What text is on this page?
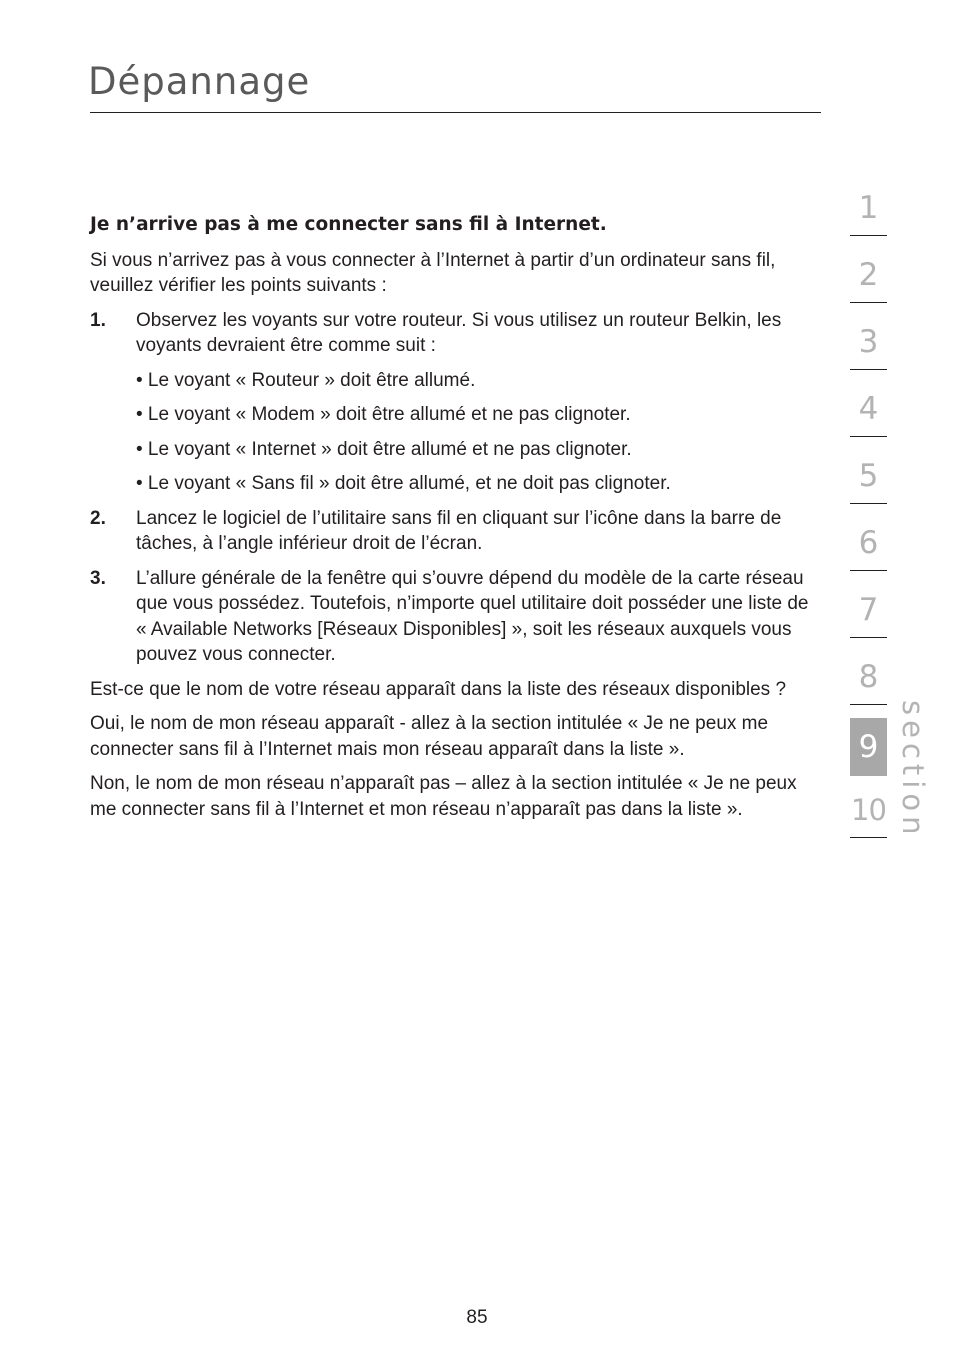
Dépannage

Je n’arrive pas à me connecter sans fil à Internet.

Si vous n’arrivez pas à vous connecter à l’Internet à partir d’un ordinateur sans fil, veuillez vérifier les points suivants :

1.	Observez les voyants sur votre routeur. Si vous utilisez un routeur Belkin, les voyants devraient être comme suit :
• Le voyant « Routeur » doit être allumé.
• Le voyant « Modem » doit être allumé et ne pas clignoter.
• Le voyant « Internet » doit être allumé et ne pas clignoter.
• Le voyant « Sans fil » doit être allumé, et ne doit pas clignoter.
2.	Lancez le logiciel de l’utilitaire sans fil en cliquant sur l’icône dans la barre de tâches, à l’angle inférieur droit de l’écran.
3.	L’allure générale de la fenêtre qui s’ouvre dépend du modèle de la carte réseau que vous possédez. Toutefois, n’importe quel utilitaire doit posséder une liste de « Available Networks [Réseaux Disponibles] », soit les réseaux auxquels vous pouvez vous connecter.

Est-ce que le nom de votre réseau apparaît dans la liste des réseaux disponibles ?

Oui, le nom de mon réseau apparaît - allez à la section intitulée « Je ne peux me connecter sans fil à l’Internet mais mon réseau apparaît dans la liste ».

Non, le nom de mon réseau n’apparaît pas – allez à la section intitulée « Je ne peux me connecter sans fil à l’Internet et mon réseau n’apparaît pas dans la liste ».

1
2
3
4
5
6
7
8
9
10 section
85
